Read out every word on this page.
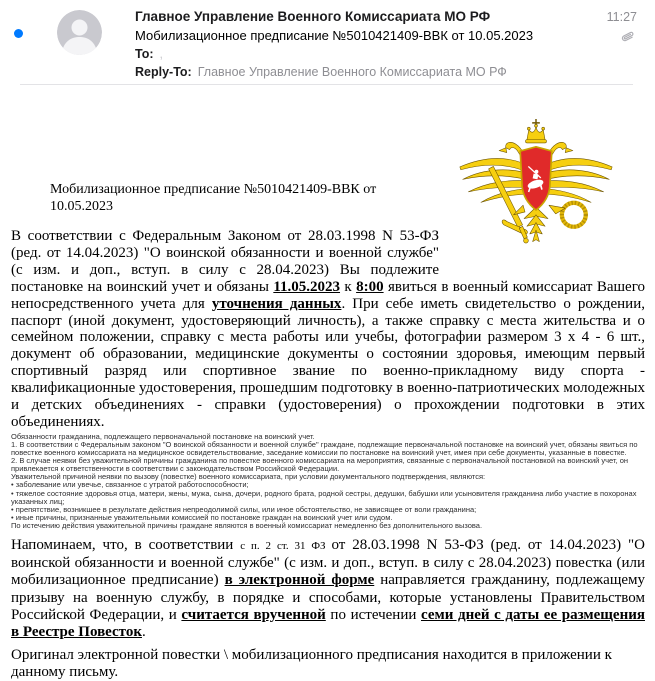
Главное Управление Военного Комиссариата МО РФ
Мобилизационное предписание №5010421409-ВВК от 10.05.2023
To: ,
Reply-To: Главное Управление Военного Комиссариата МО РФ
11:27

Мобилизационное предписание №5010421409-ВВК от 10.05.2023

В соответствии с Федеральным Законом от 28.03.1998 N 53-ФЗ (ред. от 14.04.2023) "О воинской обязанности и военной службе" (с изм. и доп., вступ. в силу с 28.04.2023) Вы подлежите постановке на воинский учет и обязаны 11.05.2023 к 8:00 явиться в военный комиссариат Вашего непосредственного учета для уточнения данных. При себе иметь свидетельство о рождении, паспорт (иной документ, удостоверяющий личность), а также справку с места жительства и о семейном положении, справку с места работы или учебы, фотографии размером 3 х 4 - 6 шт., документ об образовании, медицинские документы о состоянии здоровья, имеющим первый спортивный разряд или спортивное звание по военно-прикладному виду спорта - квалификационные удостоверения, прошедшим подготовку в военно-патриотических молодежных и детских объединениях - справки (удостоверения) о прохождении подготовки в этих объединениях.

Обязанности гражданина, подлежащего первоначальной постановке на воинский учет.
1. В соответствии с Федеральным законом "О воинской обязанности и военной службе" граждане, подлежащие первоначальной постановке на воинский учет, обязаны явиться по повестке военного комиссариата на медицинское освидетельствование, заседание комиссии по постановке на воинский учет, имея при себе документы, указанные в повестке.
2. В случае неявки без уважительной причины гражданина по повестке военного комиссариата на мероприятия, связанные с первоначальной постановкой на воинский учет, он привлекается к ответственности в соответствии с законодательством Российской Федерации.
Уважительной причиной неявки по вызову (повестке) военного комиссариата, при условии документального подтверждения, являются:
• заболевание или увечье, связанное с утратой работоспособности;
• тяжелое состояние здоровья отца, матери, жены, мужа, сына, дочери, родного брата, родной сестры, дедушки, бабушки или усыновителя гражданина либо участие в похоронах указанных лиц;
• препятствие, возникшее в результате действия непреодолимой силы, или иное обстоятельство, не зависящее от воли гражданина;
• иные причины, признанные уважительными комиссией по постановке граждан на воинский учет или судом.
По истечению действия уважительной причины граждане являются в военный комиссариат немедленно без дополнительного вызова.

Напоминаем, что, в соответствии с п. 2 ст. 31 ФЗ от 28.03.1998 N 53-ФЗ (ред. от 14.04.2023) "О воинской обязанности и военной службе" (с изм. и доп., вступ. в силу с 28.04.2023) повестка (или мобилизационное предписание) в электронной форме направляется гражданину, подлежащему призыву на военную службу, в порядке и способами, которые установлены Правительством Российской Федерации, и считается врученной по истечении семи дней с даты ее размещения в Реестре Повесток.

Оригинал электронной повестки \ мобилизационного предписания находится в приложении к данному письму.
